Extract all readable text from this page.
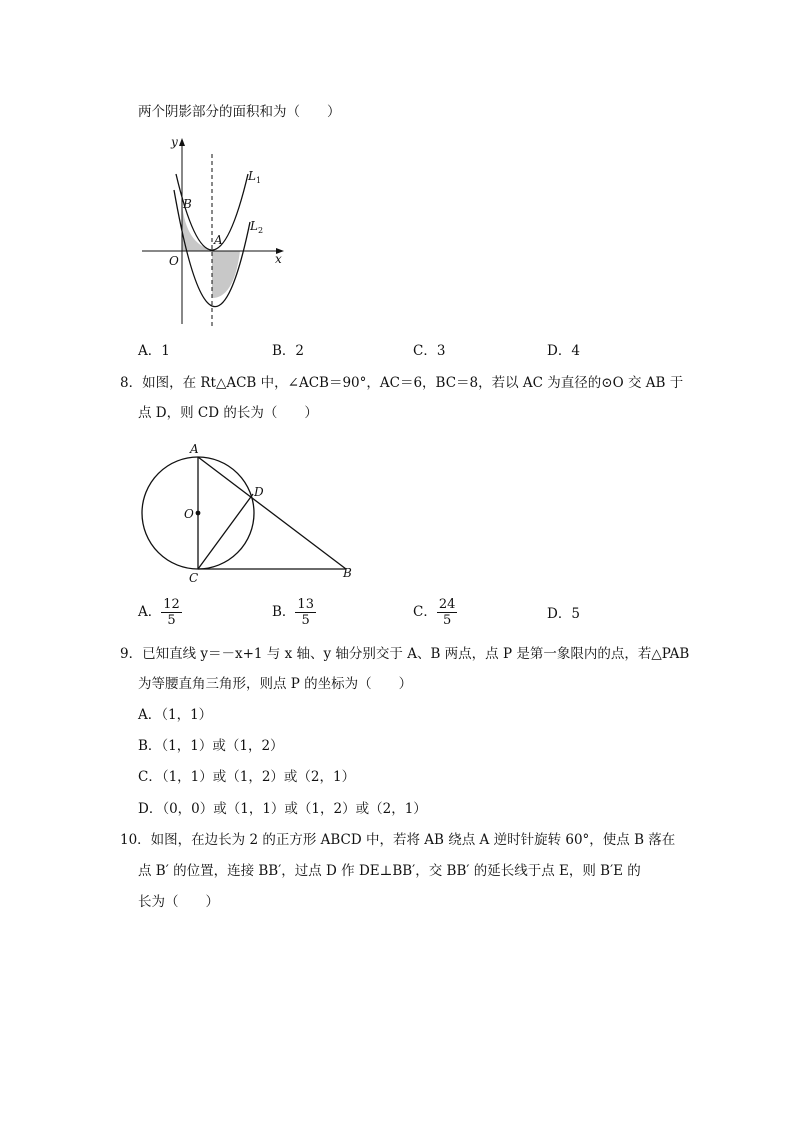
两个阴影部分的面积和为（　　）
y
x
O
A
B
$L_1$
$L_2$
A．1	B．2	C．3	D．4
8．如图，在 Rt△ACB 中，∠ACB＝90°，AC＝6，BC＝8，若以 AC 为直径的⊙O 交 AB 于
点 D，则 CD 的长为（　　）
A
D
O
C	B
A． $\frac{12}{5}$	B． $\frac{13}{5}$	C． $\frac{24}{5}$	D．5
9．已知直线 y＝－x+1 与 x 轴、y 轴分别交于 A、B 两点，点 P 是第一象限内的点，若△PAB
为等腰直角三角形，则点 P 的坐标为（　　）
A．（1，1）
B．（1，1）或（1，2）
C．（1，1）或（1，2）或（2，1）
D．（0，0）或（1，1）或（1，2）或（2，1）
10．如图，在边长为 2 的正方形 ABCD 中，若将 AB 绕点 A 逆时针旋转 60°，使点 B 落在
点 B′ 的位置，连接 BB′，过点 D 作 DE⊥BB′，交 BB′ 的延长线于点 E，则 B′E 的
长为（　　）
